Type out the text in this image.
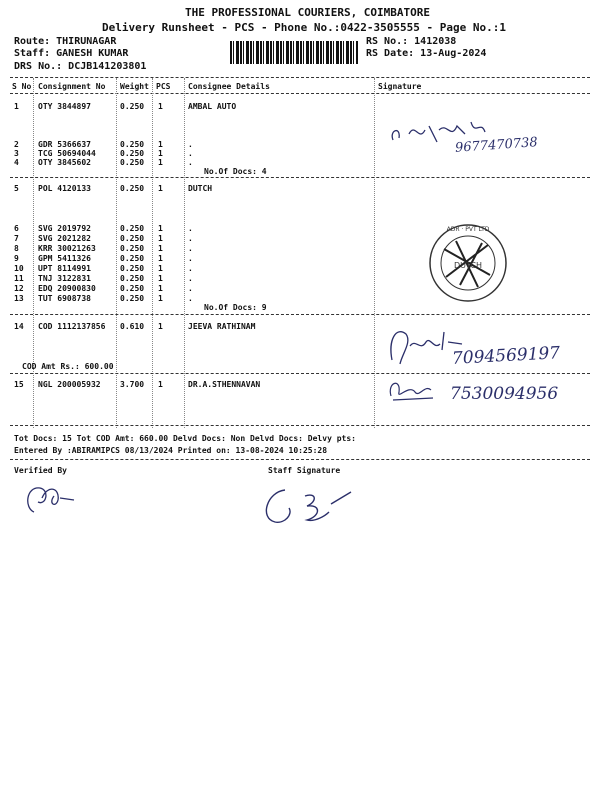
THE PROFESSIONAL COURIERS, COIMBATORE
Delivery Runsheet - PCS - Phone No.:0422-3505555 - Page No.:1
Route: THIRUNAGAR
Staff: GANESH KUMAR
DRS No.: DCJB141203801
RS No.: 1412038
RS Date: 13-Aug-2024
S No Consignment No Weight PCS Consignee Details	Signature
1 OTY 3844897	0.250 1	AMBAL AUTO
2 GDR 5366637	0.250 1	.
3 TCG 50694044	0.250 1	.
4 OTY 3845602	0.250 1	.
No.Of Docs: 4
5 POL 4120133	0.250 1	DUTCH
6 SVG 2019792	0.250 1	.
7 SVG 2021282	0.250 1	.
8 KRR 30021263	0.250 1	.
9 GPM 5411326	0.250 1	.
10 UPT 8114991	0.250 1	.
11 TNJ 3122831	0.250 1	.
12 EDQ 20900830	0.250 1	.
13 TUT 6908738	0.250 1	.
No.Of Docs: 9
14 COD 1112137856 0.610 1	JEEVA RATHINAM
COD Amt Rs.: 600.00
15 NGL 200005932 3.700 1	DR.A.STHENNAVAN
9677470738
DUTCH
ADR · PVT LTD
7094569197
7530094956
Tot Docs: 15 Tot COD Amt: 660.00 Delvd Docs: Non Delvd Docs: Delvy pts:
Entered By :ABIRAMIPCS 08/13/2024 Printed on: 13-08-2024 10:25:28
Verified By	Staff Signature
